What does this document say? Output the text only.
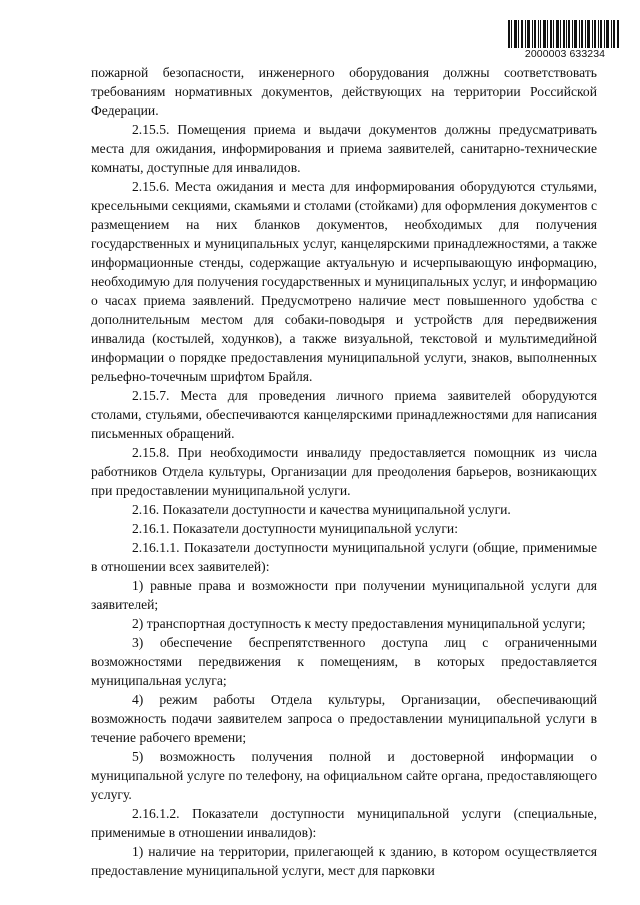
2000003 633234

пожарной безопасности, инженерного оборудования должны соответствовать требованиям нормативных документов, действующих на территории Российской Федерации.

2.15.5. Помещения приема и выдачи документов должны предусматривать места для ожидания, информирования и приема заявителей, санитарно-технические комнаты, доступные для инвалидов.

2.15.6. Места ожидания и места для информирования оборудуются стульями, кресельными секциями, скамьями и столами (стойками) для оформления документов с размещением на них бланков документов, необходимых для получения государственных и муниципальных услуг, канцелярскими принадлежностями, а также информационные стенды, содержащие актуальную и исчерпывающую информацию, необходимую для получения государственных и муниципальных услуг, и информацию о часах приема заявлений. Предусмотрено наличие мест повышенного удобства с дополнительным местом для собаки-поводыря и устройств для передвижения инвалида (костылей, ходунков), а также визуальной, текстовой и мультимедийной информации о порядке предоставления муниципальной услуги, знаков, выполненных рельефно-точечным шрифтом Брайля.

2.15.7. Места для проведения личного приема заявителей оборудуются столами, стульями, обеспечиваются канцелярскими принадлежностями для написания письменных обращений.

2.15.8. При необходимости инвалиду предоставляется помощник из числа работников Отдела культуры, Организации для преодоления барьеров, возникающих при предоставлении муниципальной услуги.

2.16. Показатели доступности и качества муниципальной услуги.

2.16.1. Показатели доступности муниципальной услуги:

2.16.1.1. Показатели доступности муниципальной услуги (общие, применимые в отношении всех заявителей):

1) равные права и возможности при получении муниципальной услуги для заявителей;

2) транспортная доступность к месту предоставления муниципальной услуги;

3) обеспечение беспрепятственного доступа лиц с ограниченными возможностями передвижения к помещениям, в которых предоставляется муниципальная услуга;

4) режим работы Отдела культуры, Организации, обеспечивающий возможность подачи заявителем запроса о предоставлении муниципальной услуги в течение рабочего времени;

5) возможность получения полной и достоверной информации о муниципальной услуге по телефону, на официальном сайте органа, предоставляющего услугу.

2.16.1.2. Показатели доступности муниципальной услуги (специальные, применимые в отношении инвалидов):

1) наличие на территории, прилегающей к зданию, в котором осуществляется предоставление муниципальной услуги, мест для парковки
